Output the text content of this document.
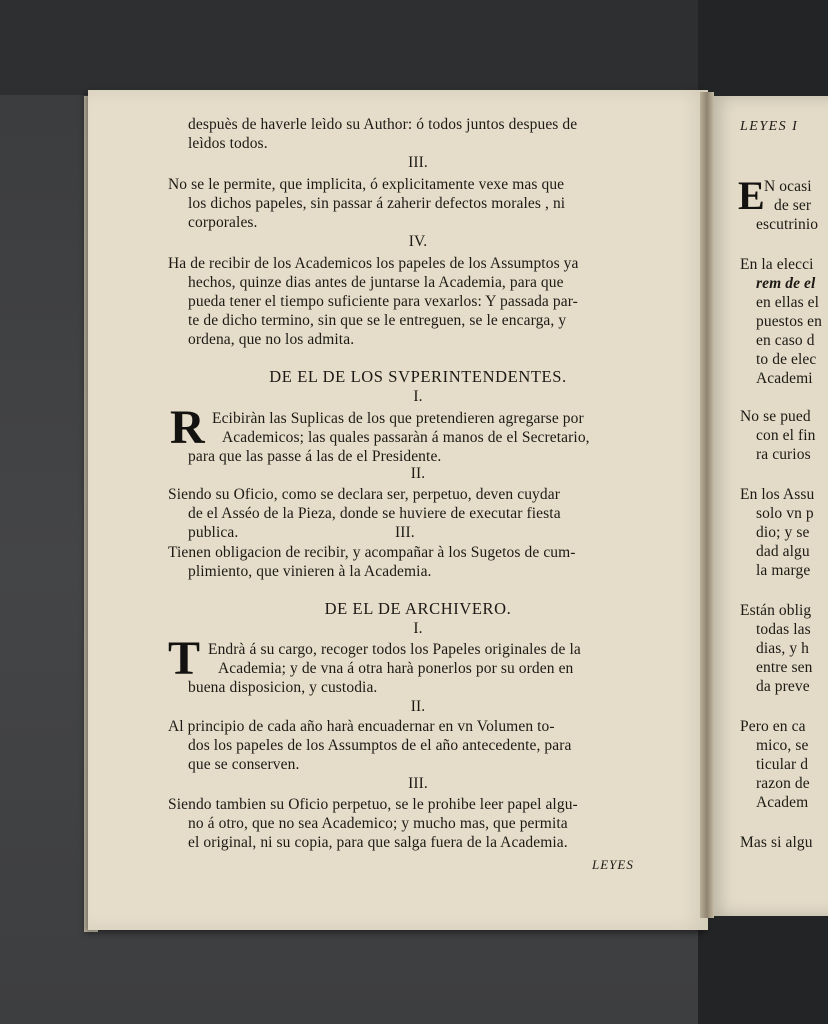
despuès de haverle leìdo su Author: ó todos juntos despues de
leìdos todos.
III.
No se le permite, que implicita, ó explicitamente vexe mas que
los dichos papeles, sin passar á zaherir defectos morales , ni
corporales.
IV.
Ha de recibir de los Academicos los papeles de los Assumptos ya
hechos, quinze dias antes de juntarse la Academia, para que
pueda tener el tiempo suficiente para vexarlos: Y passada par-
te de dicho termino, sin que se le entreguen, se le encarga, y
ordena, que no los admita.
DE EL DE LOS SVPERINTENDENTES.
I.
R Ecibiràn las Suplicas de los que pretendieren agregarse por
Academicos; las quales passaràn á manos de el Secretario,
para que las passe á las de el Presidente.
II.
Siendo su Oficio, como se declara ser, perpetuo, deven cuydar
de el Asséo de la Pieza, donde se huviere de executar fiesta
publica.	III.
Tienen obligacion de recibir, y acompañar à los Sugetos de cum-
plimiento, que vinieren à la Academia.
DE EL DE ARCHIVERO.
I.
T Endrà á su cargo, recoger todos los Papeles originales de la
Academia; y de vna á otra harà ponerlos por su orden en
buena disposicion, y custodia.
II.
Al principio de cada año harà encuadernar en vn Volumen to-
dos los papeles de los Assumptos de el año antecedente, para
que se conserven.
III.
Siendo tambien su Oficio perpetuo, se le prohibe leer papel algu-
no á otro, que no sea Academico; y mucho mas, que permita
el original, ni su copia, para que salga fuera de la Academia.
LEYES
LEYES I
E N ocasi
de ser
escutrinio
En la elecci
rem de el
en ellas el
puestos en
en caso d
to de elec
Academi
No se pued
con el fin
ra curios
En los Assu
solo vn p
dio; y se
dad algu
la marge
Están oblig
todas las
dias, y h
entre sen
da preve
Pero en ca
mico, se
ticular d
razon de
Academ
Mas si algu
